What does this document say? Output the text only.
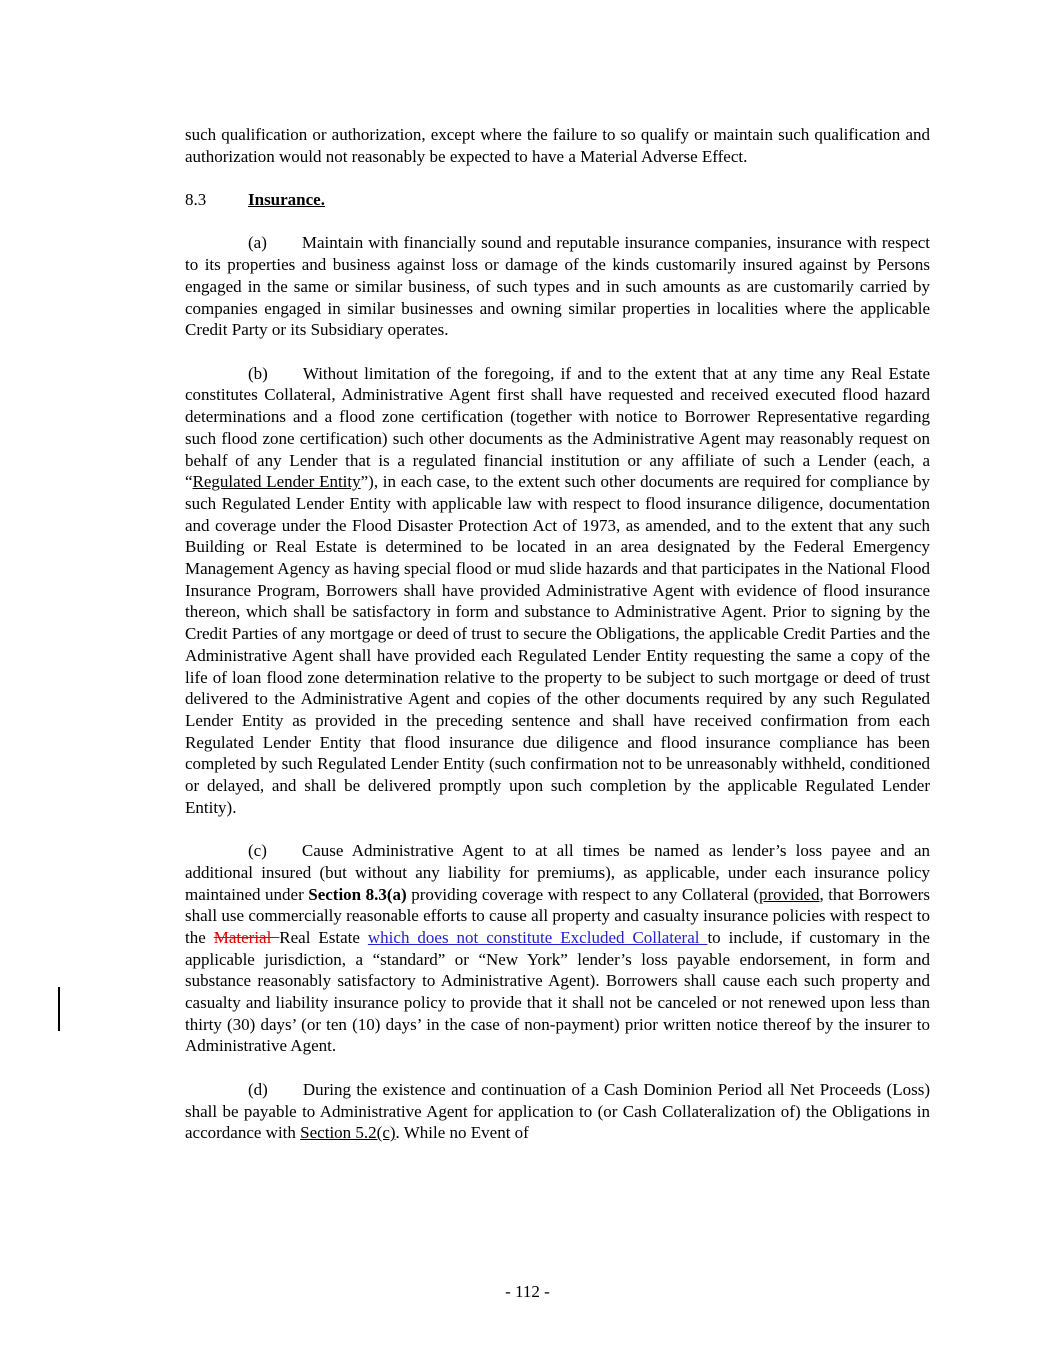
such qualification or authorization, except where the failure to so qualify or maintain such qualification and authorization would not reasonably be expected to have a Material Adverse Effect.

8.3 Insurance.

(a) Maintain with financially sound and reputable insurance companies, insurance with respect to its properties and business against loss or damage of the kinds customarily insured against by Persons engaged in the same or similar business, of such types and in such amounts as are customarily carried by companies engaged in similar businesses and owning similar properties in localities where the applicable Credit Party or its Subsidiary operates.

(b) Without limitation of the foregoing, if and to the extent that at any time any Real Estate constitutes Collateral, Administrative Agent first shall have requested and received executed flood hazard determinations and a flood zone certification (together with notice to Borrower Representative regarding such flood zone certification) such other documents as the Administrative Agent may reasonably request on behalf of any Lender that is a regulated financial institution or any affiliate of such a Lender (each, a “Regulated Lender Entity”), in each case, to the extent such other documents are required for compliance by such Regulated Lender Entity with applicable law with respect to flood insurance diligence, documentation and coverage under the Flood Disaster Protection Act of 1973, as amended, and to the extent that any such Building or Real Estate is determined to be located in an area designated by the Federal Emergency Management Agency as having special flood or mud slide hazards and that participates in the National Flood Insurance Program, Borrowers shall have provided Administrative Agent with evidence of flood insurance thereon, which shall be satisfactory in form and substance to Administrative Agent. Prior to signing by the Credit Parties of any mortgage or deed of trust to secure the Obligations, the applicable Credit Parties and the Administrative Agent shall have provided each Regulated Lender Entity requesting the same a copy of the life of loan flood zone determination relative to the property to be subject to such mortgage or deed of trust delivered to the Administrative Agent and copies of the other documents required by any such Regulated Lender Entity as provided in the preceding sentence and shall have received confirmation from each Regulated Lender Entity that flood insurance due diligence and flood insurance compliance has been completed by such Regulated Lender Entity (such confirmation not to be unreasonably withheld, conditioned or delayed, and shall be delivered promptly upon such completion by the applicable Regulated Lender Entity).

(c) Cause Administrative Agent to at all times be named as lender’s loss payee and an additional insured (but without any liability for premiums), as applicable, under each insurance policy maintained under Section 8.3(a) providing coverage with respect to any Collateral (provided, that Borrowers shall use commercially reasonable efforts to cause all property and casualty insurance policies with respect to the Material Real Estate which does not constitute Excluded Collateral to include, if customary in the applicable jurisdiction, a “standard” or “New York” lender’s loss payable endorsement, in form and substance reasonably satisfactory to Administrative Agent). Borrowers shall cause each such property and casualty and liability insurance policy to provide that it shall not be canceled or not renewed upon less than thirty (30) days’ (or ten (10) days’ in the case of non-payment) prior written notice thereof by the insurer to Administrative Agent.

(d) During the existence and continuation of a Cash Dominion Period all Net Proceeds (Loss) shall be payable to Administrative Agent for application to (or Cash Collateralization of) the Obligations in accordance with Section 5.2(c). While no Event of

- 112 -
